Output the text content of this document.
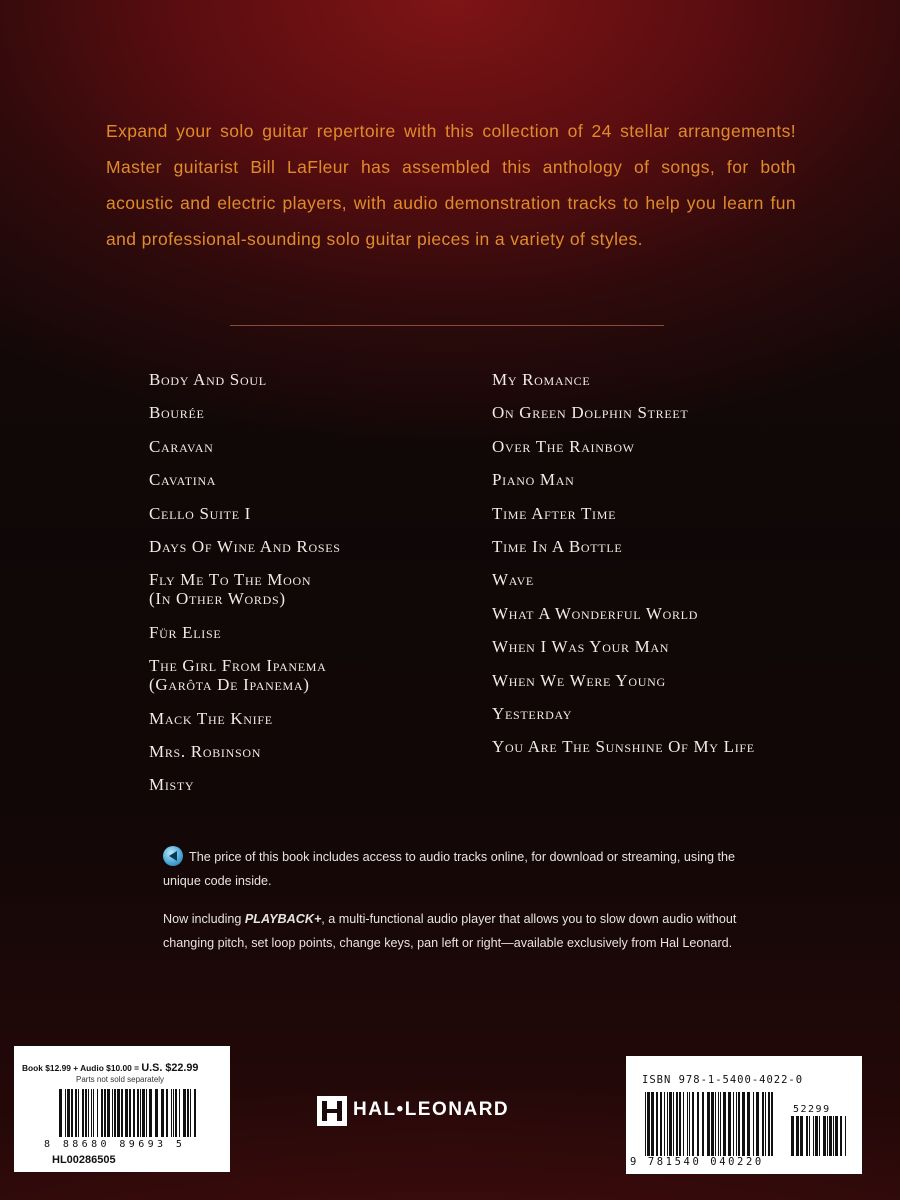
Expand your solo guitar repertoire with this collection of 24 stellar arrangements! Master guitarist Bill LaFleur has assembled this anthology of songs, for both acoustic and electric players, with audio demonstration tracks to help you learn fun and professional-sounding solo guitar pieces in a variety of styles.
Body And Soul
Bourée
Caravan
Cavatina
Cello Suite I
Days Of Wine And Roses
Fly Me To The Moon
(In Other Words)
Für Elise
The Girl From Ipanema
(Garôta De Ipanema)
Mack The Knife
Mrs. Robinson
Misty
My Romance
On Green Dolphin Street
Over The Rainbow
Piano Man
Time After Time
Time In A Bottle
Wave
What A Wonderful World
When I Was Your Man
When We Were Young
Yesterday
You Are The Sunshine Of My Life
The price of this book includes access to audio tracks online, for download or streaming, using the unique code inside.
Now including PLAYBACK+, a multi-functional audio player that allows you to slow down audio without changing pitch, set loop points, change keys, pan left or right—available exclusively from Hal Leonard.
Book $12.99 + Audio $10.00 = U.S. $22.99
Parts not sold separately
8 88680 89693 5
HL00286505
HAL•LEONARD
ISBN 978-1-5400-4022-0
52299
9 781540 040220
